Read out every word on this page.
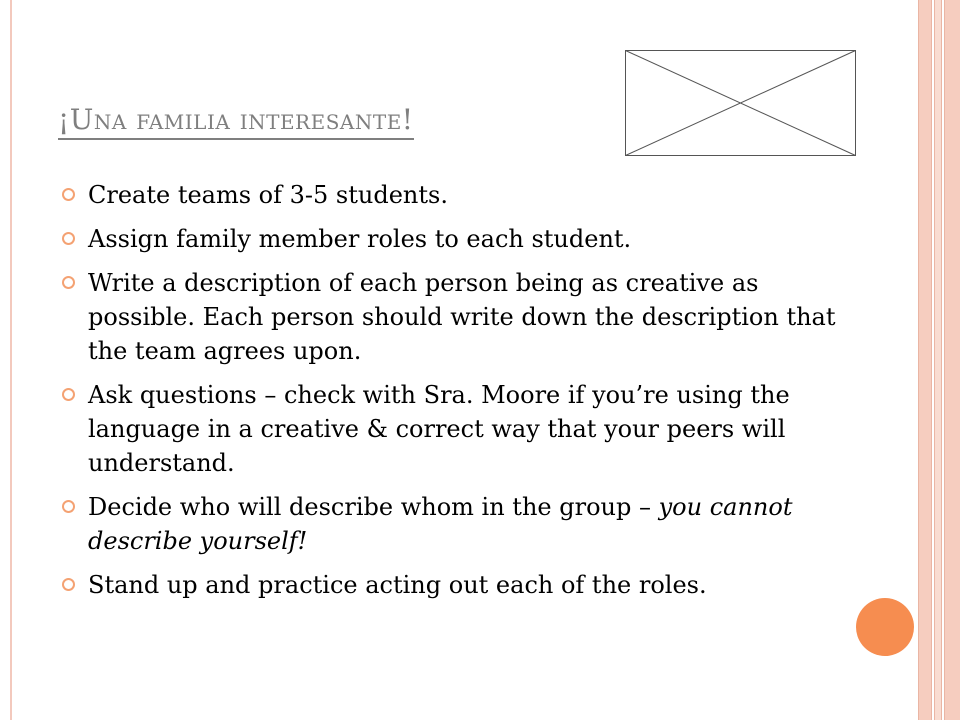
¡Una familia interesante!
Create teams of 3-5 students.
Assign family member roles to each student.
Write a description of each person being as creative as possible. Each person should write down the description that the team agrees upon.
Ask questions – check with Sra. Moore if you’re using the language in a creative & correct way that your peers will understand.
Decide who will describe whom in the group – you cannot describe yourself!
Stand up and practice acting out each of the roles.
